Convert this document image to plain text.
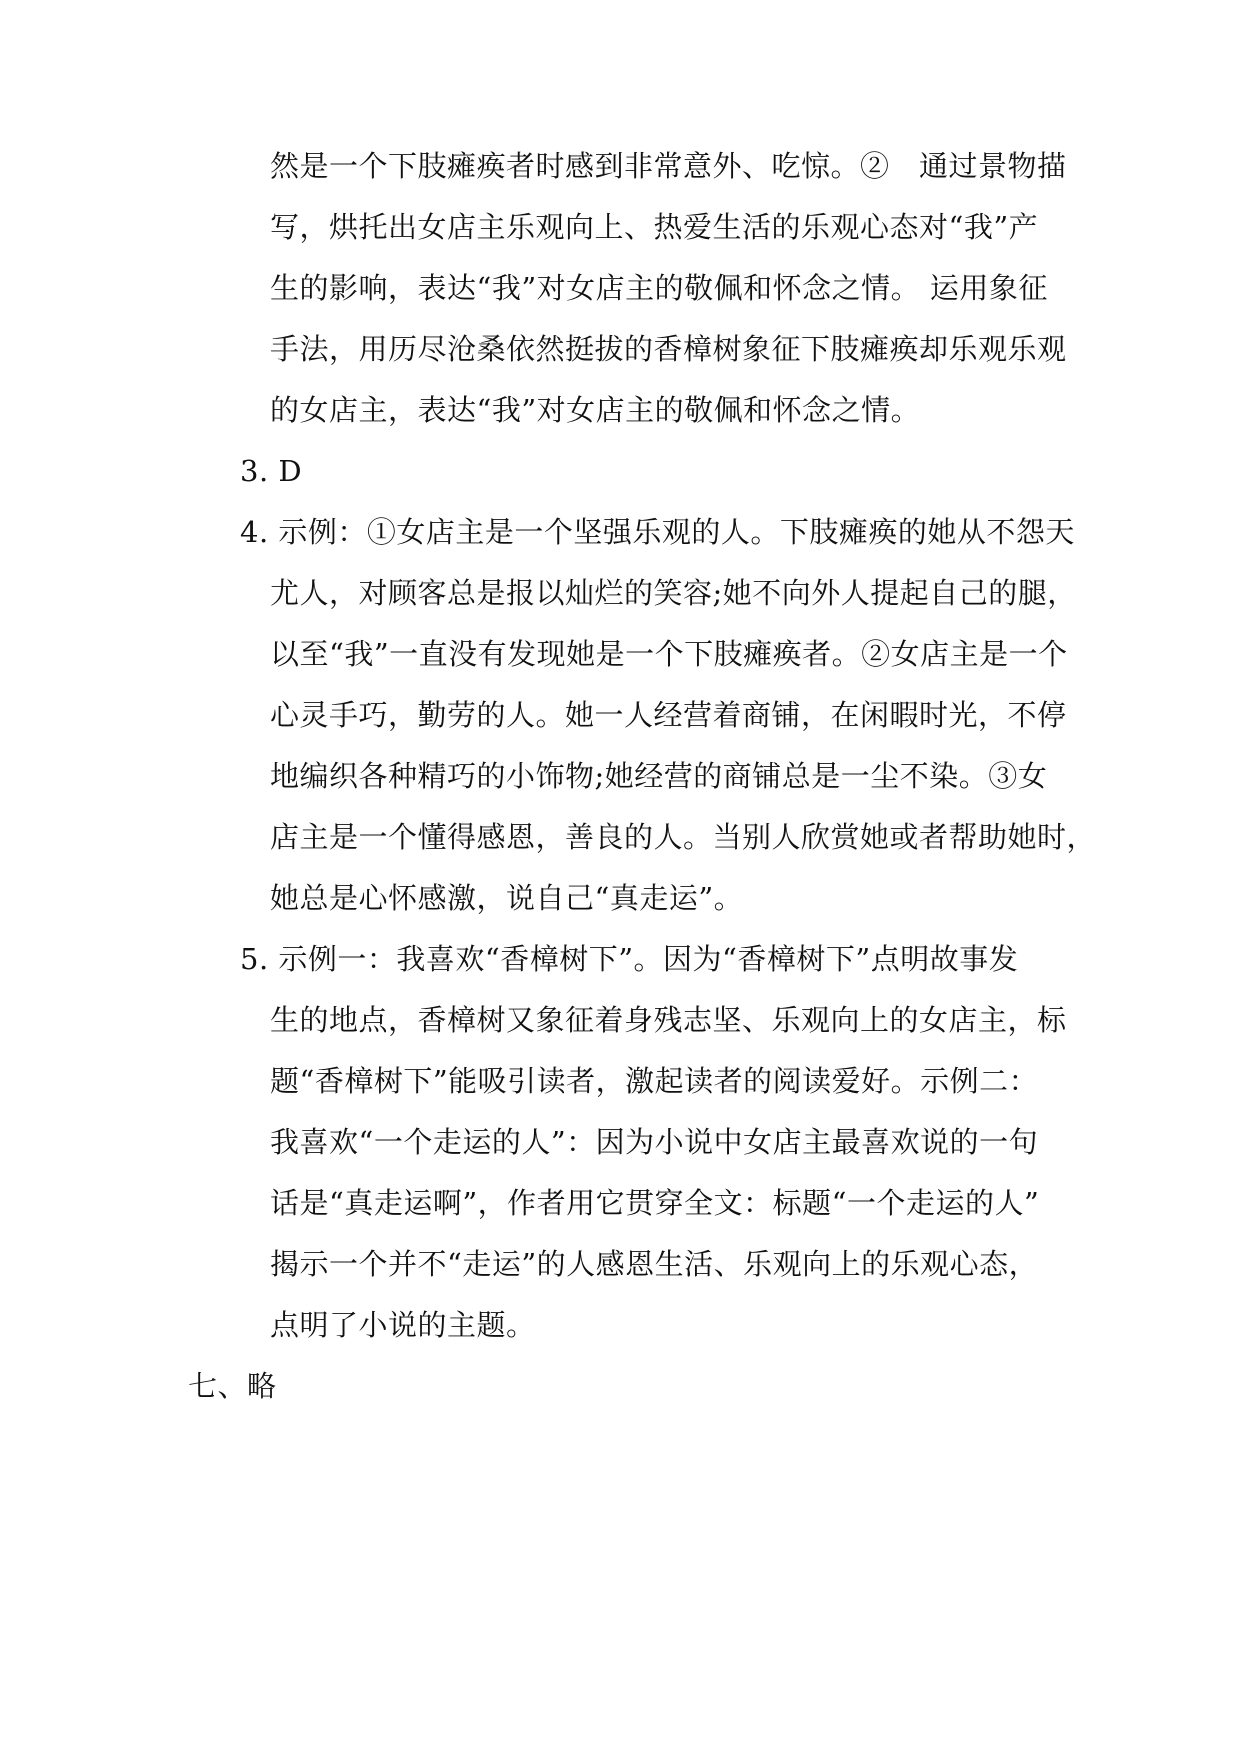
然是一个下肢瘫痪者时感到非常意外、吃惊。②　通过景物描
写，烘托出女店主乐观向上、热爱生活的乐观心态对“我”产
生的影响，表达“我”对女店主的敬佩和怀念之情。 运用象征
手法，用历尽沧桑依然挺拔的香樟树象征下肢瘫痪却乐观乐观
的女店主，表达“我”对女店主的敬佩和怀念之情。
3. D
4. 示例：①女店主是一个坚强乐观的人。下肢瘫痪的她从不怨天
尤人，对顾客总是报以灿烂的笑容;她不向外人提起自己的腿，
以至“我”一直没有发现她是一个下肢瘫痪者。②女店主是一个
心灵手巧，勤劳的人。她一人经营着商铺，在闲暇时光，不停
地编织各种精巧的小饰物;她经营的商铺总是一尘不染。③女
店主是一个懂得感恩，善良的人。当别人欣赏她或者帮助她时，
她总是心怀感激，说自己“真走运”。
5. 示例一：我喜欢“香樟树下”。因为“香樟树下”点明故事发
生的地点，香樟树又象征着身残志坚、乐观向上的女店主，标
题“香樟树下”能吸引读者，激起读者的阅读爱好。示例二：
我喜欢“一个走运的人”：因为小说中女店主最喜欢说的一句
话是“真走运啊”，作者用它贯穿全文：标题“一个走运的人”
揭示一个并不“走运”的人感恩生活、乐观向上的乐观心态，
点明了小说的主题。
七、略
